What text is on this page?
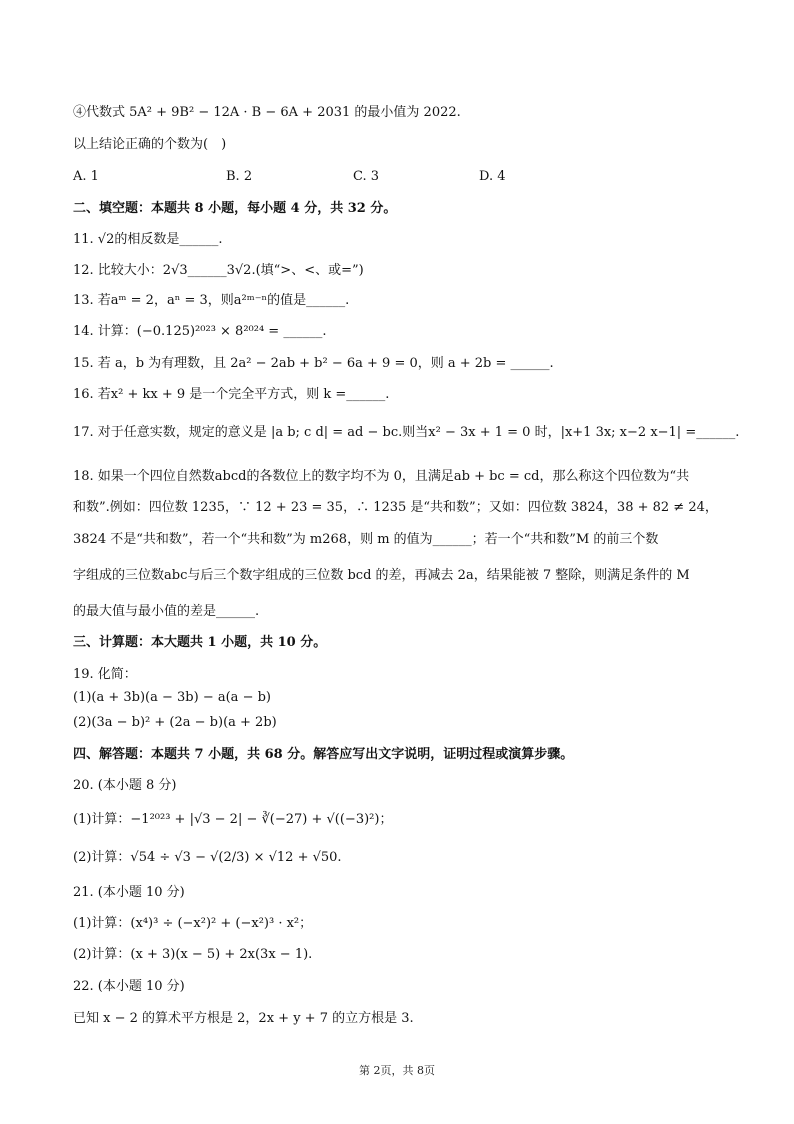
④代数式 5A² + 9B² − 12A · B − 6A + 2031 的最小值为 2022.
以上结论正确的个数为(　)
A. 1	B. 2	C. 3	D. 4
二、填空题：本题共 8 小题，每小题 4 分，共 32 分。
11. √2的相反数是______.
12. 比较大小：2√3______3√2.(填“>、<、或=”)
13. 若aᵐ = 2，aⁿ = 3，则a²ᵐ⁻ⁿ的值是______.
14. 计算：(−0.125)²⁰²³ × 8²⁰²⁴ = ______.
15. 若 a，b 为有理数，且 2a² − 2ab + b² − 6a + 9 = 0，则 a + 2b = ______.
16. 若x² + kx + 9 是一个完全平方式，则 k =______.
17. 对于任意实数，规定的意义是 |a b; c d| = ad − bc.则当x² − 3x + 1 = 0 时，|x+1 3x; x−2 x−1| =______.
18. 如果一个四位自然数abcd的各数位上的数字均不为 0，且满足ab + bc = cd，那么称这个四位数为“共
和数”.例如：四位数 1235，∵ 12 + 23 = 35，∴ 1235 是“共和数”；又如：四位数 3824，38 + 82 ≠ 24，
3824 不是“共和数”，若一个“共和数”为 m268，则 m 的值为______；若一个“共和数”M 的前三个数
字组成的三位数abc与后三个数字组成的三位数 bcd 的差，再减去 2a，结果能被 7 整除，则满足条件的 M
的最大值与最小值的差是______.
三、计算题：本大题共 1 小题，共 10 分。
19. 化简：
(1)(a + 3b)(a − 3b) − a(a − b)
(2)(3a − b)² + (2a − b)(a + 2b)
四、解答题：本题共 7 小题，共 68 分。解答应写出文字说明，证明过程或演算步骤。
20. (本小题 8 分)
(1)计算：−1²⁰²³ + |√3 − 2| − ∛(−27) + √((−3)²)；
(2)计算：√54 ÷ √3 − √(2/3) × √12 + √50.
21. (本小题 10 分)
(1)计算：(x⁴)³ ÷ (−x²)² + (−x²)³ · x²；
(2)计算：(x + 3)(x − 5) + 2x(3x − 1).
22. (本小题 10 分)
已知 x − 2 的算术平方根是 2，2x + y + 7 的立方根是 3.
第 2页，共 8页
